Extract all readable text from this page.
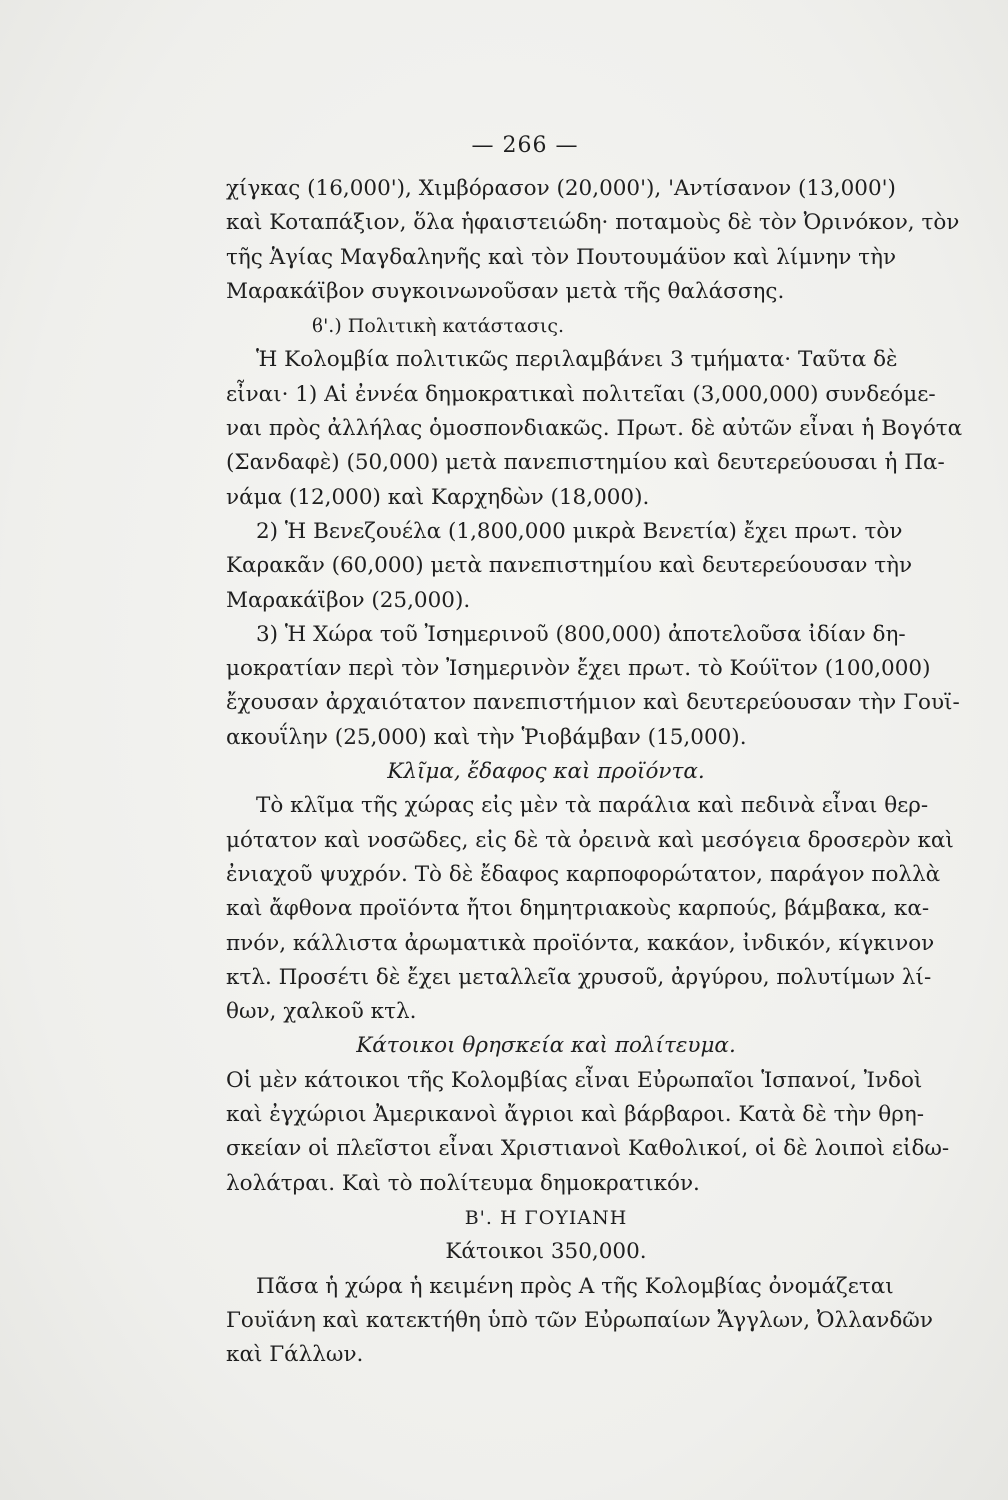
— 266 —
χίγκας (16,000'), Χιμβόρασον (20,000'), 'Αντίσανον (13,000')
καὶ Κοταπάξιον, ὅλα ἡφαιστειώδη· ποταμοὺς δὲ τὸν Ὀρινόκον, τὸν
τῆς Ἁγίας Μαγδαληνῆς καὶ τὸν Πουτουμάϋον καὶ λίμνην τὴν
Μαρακάϊβον συγκοινωνοῦσαν μετὰ τῆς θαλάσσης.
ϐ'.) Πολιτικὴ κατάστασις.
Ἡ Κολομβία πολιτικῶς περιλαμβάνει 3 τμήματα· Ταῦτα δὲ
εἶναι· 1) Αἱ ἐννέα δημοκρατικαὶ πολιτεῖαι (3,000,000) συνδεόμε-
ναι πρὸς ἀλλήλας ὁμοσπονδιακῶς. Πρωτ. δὲ αὐτῶν εἶναι ἡ Βογότα
(Σανδαφὲ) (50,000) μετὰ πανεπιστημίου καὶ δευτερεύουσαι ἡ Πα-
νάμα (12,000) καὶ Καρχηδὼν (18,000).
2) Ἡ Βενεζουέλα (1,800,000 μικρὰ Βενετία) ἔχει πρωτ. τὸν
Καρακᾶν (60,000) μετὰ πανεπιστημίου καὶ δευτερεύουσαν τὴν
Μαρακάϊβον (25,000).
3) Ἡ Χώρα τοῦ Ἰσημερινοῦ (800,000) ἀποτελοῦσα ἰδίαν δη-
μοκρατίαν περὶ τὸν Ἰσημερινὸν ἔχει πρωτ. τὸ Κούϊτον (100,000)
ἔχουσαν ἀρχαιότατον πανεπιστήμιον καὶ δευτερεύουσαν τὴν Γουϊ-
ακουΐλην (25,000) καὶ τὴν Ῥιοβάμβαν (15,000).
Κλῖμα, ἔδαφος καὶ προϊόντα.
Τὸ κλῖμα τῆς χώρας εἰς μὲν τὰ παράλια καὶ πεδινὰ εἶναι θερ-
μότατον καὶ νοσῶδες, εἰς δὲ τὰ ὀρεινὰ καὶ μεσόγεια δροσερὸν καὶ
ἐνιαχοῦ ψυχρόν. Τὸ δὲ ἔδαφος καρποφορώτατον, παράγον πολλὰ
καὶ ἄφθονα προϊόντα ἤτοι δημητριακοὺς καρπούς, βάμβακα, κα-
πνόν, κάλλιστα ἀρωματικὰ προϊόντα, κακάον, ἰνδικόν, κίγκινον
κτλ. Προσέτι δὲ ἔχει μεταλλεῖα χρυσοῦ, ἀργύρου, πολυτίμων λί-
θων, χαλκοῦ κτλ.
Κάτοικοι θρησκεία καὶ πολίτευμα.
Οἱ μὲν κάτοικοι τῆς Κολομβίας εἶναι Εὐρωπαῖοι Ἱσπανοί, Ἰνδοὶ
καὶ ἐγχώριοι Ἀμερικανοὶ ἄγριοι καὶ βάρβαροι. Κατὰ δὲ τὴν θρη-
σκείαν οἱ πλεῖστοι εἶναι Χριστιανοὶ Καθολικοί, οἱ δὲ λοιποὶ εἰδω-
λολάτραι. Καὶ τὸ πολίτευμα δημοκρατικόν.
Β'. Η ΓΟΥΙΑΝΗ
Κάτοικοι 350,000.
Πᾶσα ἡ χώρα ἡ κειμένη πρὸς Α τῆς Κολομβίας ὀνομάζεται
Γουϊάνη καὶ κατεκτήθη ὑπὸ τῶν Εὐρωπαίων Ἄγγλων, Ὀλλανδῶν
καὶ Γάλλων.
